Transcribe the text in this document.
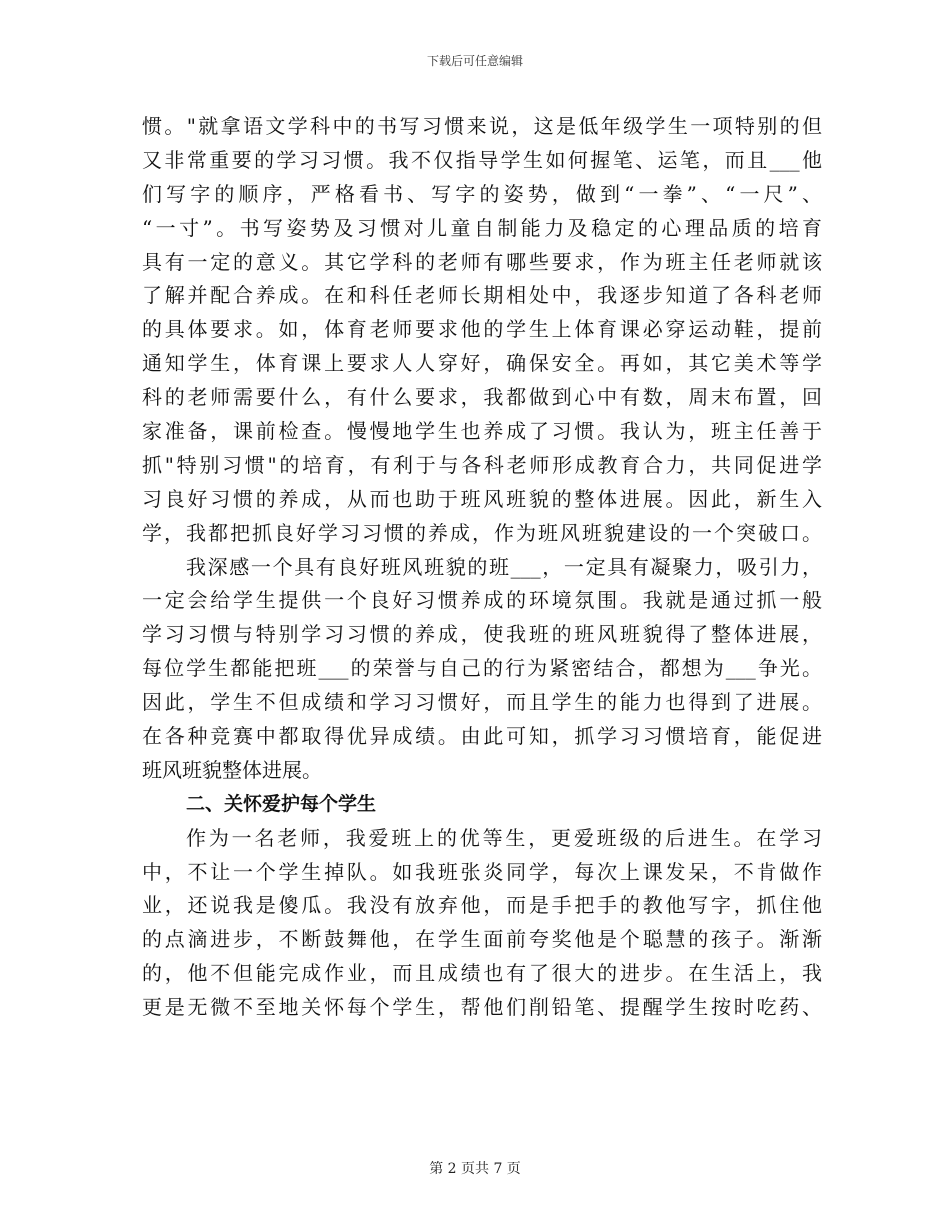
下载后可任意编辑
惯。"就拿语文学科中的书写习惯来说，这是低年级学生一项特别的但
又非常重要的学习习惯。我不仅指导学生如何握笔、运笔，而且___他
们写字的顺序，严格看书、写字的姿势，做到“一拳”、“一尺”、
“一寸”。书写姿势及习惯对儿童自制能力及稳定的心理品质的培育
具有一定的意义。其它学科的老师有哪些要求，作为班主任老师就该
了解并配合养成。在和科任老师长期相处中，我逐步知道了各科老师
的具体要求。如，体育老师要求他的学生上体育课必穿运动鞋，提前
通知学生，体育课上要求人人穿好，确保安全。再如，其它美术等学
科的老师需要什么，有什么要求，我都做到心中有数，周末布置，回
家准备，课前检查。慢慢地学生也养成了习惯。我认为，班主任善于
抓"特别习惯"的培育，有利于与各科老师形成教育合力，共同促进学
习良好习惯的养成，从而也助于班风班貌的整体进展。因此，新生入
学，我都把抓良好学习习惯的养成，作为班风班貌建设的一个突破口。
我深感一个具有良好班风班貌的班___，一定具有凝聚力，吸引力，
一定会给学生提供一个良好习惯养成的环境氛围。我就是通过抓一般
学习习惯与特别学习习惯的养成，使我班的班风班貌得了整体进展，
每位学生都能把班___的荣誉与自己的行为紧密结合，都想为___争光。
因此，学生不但成绩和学习习惯好，而且学生的能力也得到了进展。
在各种竞赛中都取得优异成绩。由此可知，抓学习习惯培育，能促进
班风班貌整体进展。
二、关怀爱护每个学生
作为一名老师，我爱班上的优等生，更爱班级的后进生。在学习
中，不让一个学生掉队。如我班张炎同学，每次上课发呆，不肯做作
业，还说我是傻瓜。我没有放弃他，而是手把手的教他写字，抓住他
的点滴进步，不断鼓舞他，在学生面前夸奖他是个聪慧的孩子。渐渐
的，他不但能完成作业，而且成绩也有了很大的进步。在生活上，我
更是无微不至地关怀每个学生，帮他们削铅笔、提醒学生按时吃药、
第 2 页共 7 页
